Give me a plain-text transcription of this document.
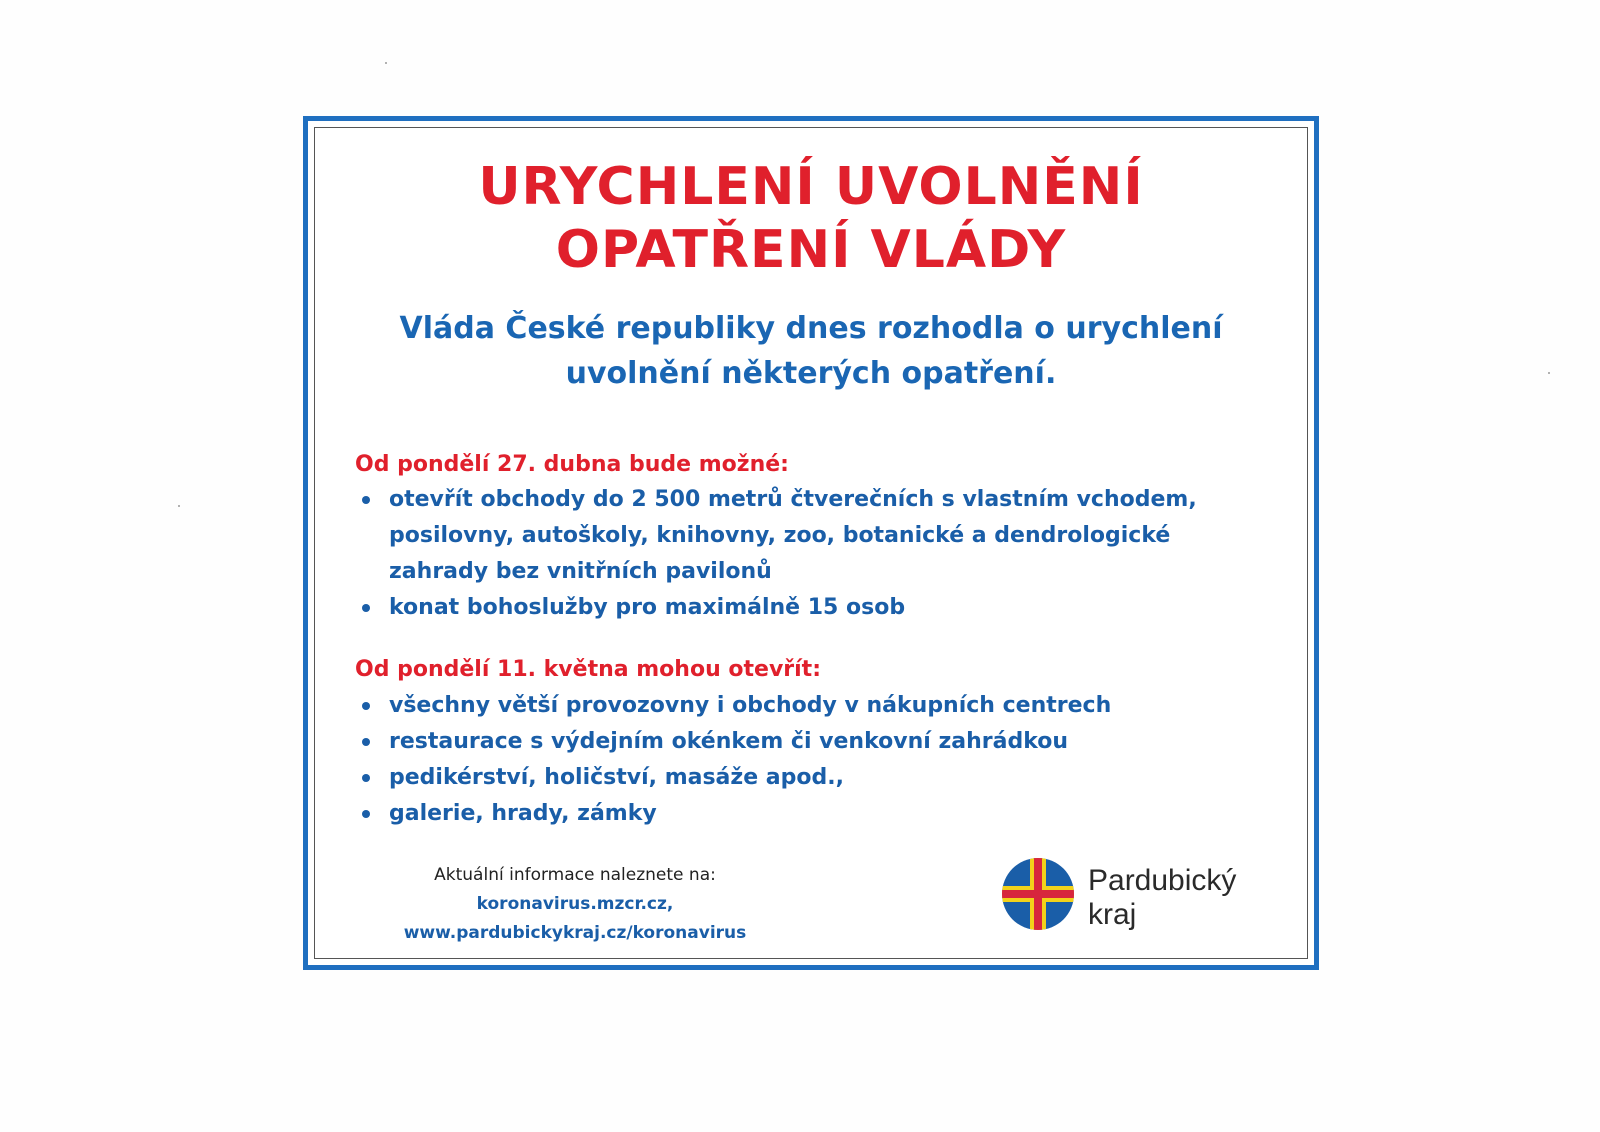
URYCHLENÍ UVOLNĚNÍ
OPATŘENÍ VLÁDY

Vláda České republiky dnes rozhodla o urychlení
uvolnění některých opatření.

Od pondělí 27. dubna bude možné:
otevřít obchody do 2 500 metrů čtverečních s vlastním vchodem,
posilovny, autoškoly, knihovny, zoo, botanické a dendrologické
zahrady bez vnitřních pavilonů
konat bohoslužby pro maximálně 15 osob
Od pondělí 11. května mohou otevřít:
všechny větší provozovny i obchody v nákupních centrech
restaurace s výdejním okénkem či venkovní zahrádkou
pedikérství, holičství, masáže apod.,
galerie, hrady, zámky
Aktuální informace naleznete na:
koronavirus.mzcr.cz,
www.pardubickykraj.cz/koronavirus
Pardubický
kraj
